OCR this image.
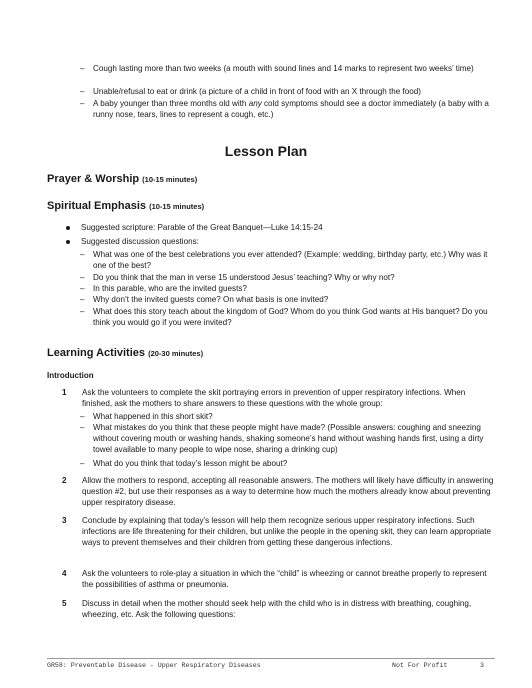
– Cough lasting more than two weeks (a mouth with sound lines and 14 marks to represent two weeks’ time)
– Unable/refusal to eat or drink (a picture of a child in front of food with an X through the food)
– A baby younger than three months old with any cold symptoms should see a doctor immediately (a baby with a runny nose, tears, lines to represent a cough, etc.)
Lesson Plan
Prayer & Worship (10-15 minutes)
Spiritual Emphasis (10-15 minutes)
Suggested scripture: Parable of the Great Banquet—Luke 14:15-24
Suggested discussion questions:
– What was one of the best celebrations you ever attended? (Example: wedding, birthday party, etc.) Why was it one of the best?
– Do you think that the man in verse 15 understood Jesus’ teaching? Why or why not?
– In this parable, who are the invited guests?
– Why don’t the invited guests come? On what basis is one invited?
– What does this story teach about the kingdom of God? Whom do you think God wants at His banquet? Do you think you would go if you were invited?
Learning Activities (20-30 minutes)
Introduction
1 Ask the volunteers to complete the skit portraying errors in prevention of upper respiratory infections. When finished, ask the mothers to share answers to these questions with the whole group:
– What happened in this short skit?
– What mistakes do you think that these people might have made? (Possible answers: coughing and sneezing without covering mouth or washing hands, shaking someone’s hand without washing hands first, using a dirty towel available to many people to wipe nose, sharing a drinking cup)
– What do you think that today’s lesson might be about?
2 Allow the mothers to respond, accepting all reasonable answers. The mothers will likely have difficulty in answering question #2, but use their responses as a way to determine how much the mothers already know about preventing upper respiratory disease.
3 Conclude by explaining that today’s lesson will help them recognize serious upper respiratory infections. Such infections are life threatening for their children, but unlike the people in the opening skit, they can learn appropriate ways to prevent themselves and their children from getting these dangerous infections.
4 Ask the volunteers to role-play a situation in which the “child” is wheezing or cannot breathe properly to represent the possibilities of asthma or pneumonia.
5 Discuss in detail when the mother should seek help with the child who is in distress with breathing, coughing, wheezing, etc. Ask the following questions:
GR58: Preventable Disease - Upper Respiratory Diseases	Not For Profit	3
